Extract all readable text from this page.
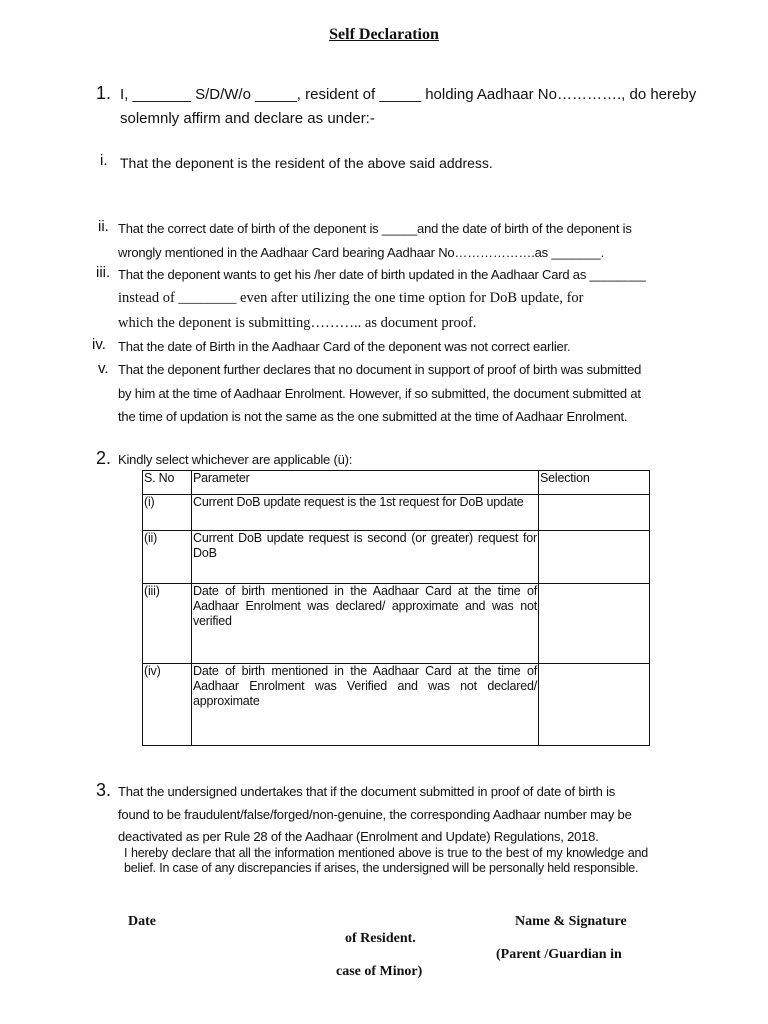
Self Declaration
1. I, _______ S/D/W/o _____, resident of _____ holding Aadhaar No…………., do hereby
solemnly affirm and declare as under:-
i. That the deponent is the resident of the above said address.
ii. That the correct date of birth of the deponent is _____and the date of birth of the deponent is
wrongly mentioned in the Aadhaar Card bearing Aadhaar No……………….as _______.
iii. That the deponent wants to get his /her date of birth updated in the Aadhaar Card as ________
instead of ________ even after utilizing the one time option for DoB update, for
which the deponent is submitting……….. as document proof.
iv. That the date of Birth in the Aadhaar Card of the deponent was not correct earlier.
v. That the deponent further declares that no document in support of proof of birth was submitted
by him at the time of Aadhaar Enrolment. However, if so submitted, the document submitted at
the time of updation is not the same as the one submitted at the time of Aadhaar Enrolment.
2. Kindly select whichever are applicable (ü):
S. No	Parameter	Selection
(i)	Current DoB update request is the 1st request for DoB update	
(ii)	Current DoB update request is second (or greater) request for DoB	
(iii)	Date of birth mentioned in the Aadhaar Card at the time of Aadhaar Enrolment was declared/ approximate and was not verified	
(iv)	Date of birth mentioned in the Aadhaar Card at the time of Aadhaar Enrolment was Verified and was not declared/ approximate	
3. That the undersigned undertakes that if the document submitted in proof of date of birth is
found to be fraudulent/false/forged/non-genuine, the corresponding Aadhaar number may be
deactivated as per Rule 28 of the Aadhaar (Enrolment and Update) Regulations, 2018.
I hereby declare that all the information mentioned above is true to the best of my knowledge and belief. In case of any discrepancies if arises, the undersigned will be personally held responsible.
Date	Name & Signature
of Resident.
(Parent /Guardian in
case of Minor)
